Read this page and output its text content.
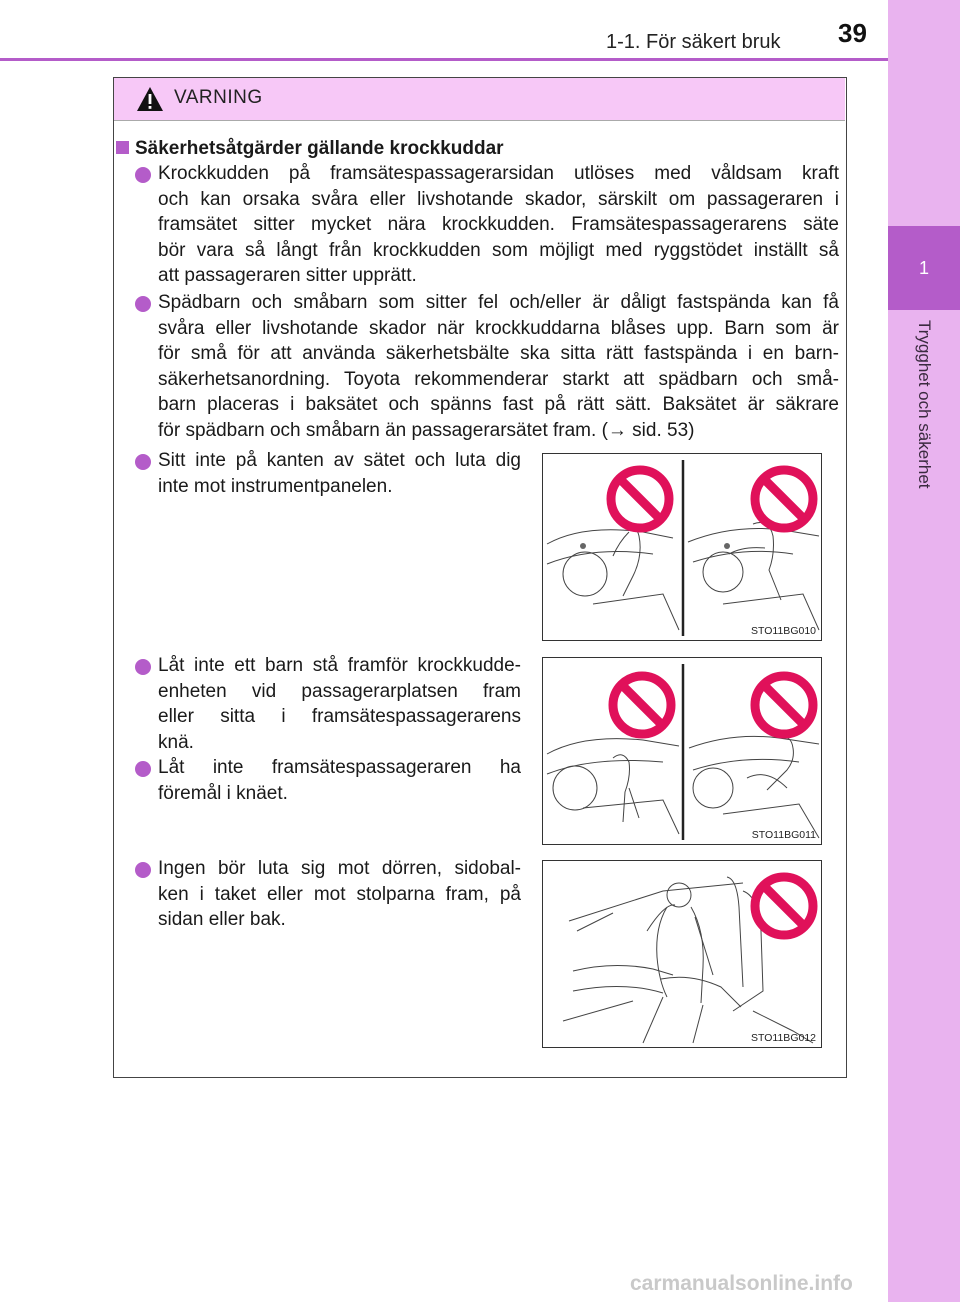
1-1. För säkert bruk 39
1
Trygghet och säkerhet
VARNING
Säkerhetsåtgärder gällande krockkuddar
Krockkudden på framsätespassagerarsidan utlöses med våldsam kraft
och kan orsaka svåra eller livshotande skador, särskilt om passageraren i
framsätet sitter mycket nära krockkudden. Framsätespassagerarens säte
bör vara så långt från krockkudden som möjligt med ryggstödet inställt så
att passageraren sitter upprätt.
Spädbarn och småbarn som sitter fel och/eller är dåligt fastspända kan få
svåra eller livshotande skador när krockkuddarna blåses upp. Barn som är
för små för att använda säkerhetsbälte ska sitta rätt fastspända i en barn-
säkerhetsanordning. Toyota rekommenderar starkt att spädbarn och små-
barn placeras i baksätet och spänns fast på rätt sätt. Baksätet är säkrare
för spädbarn och småbarn än passagerarsätet fram. (→ sid. 53)
Sitt inte på kanten av sätet och luta dig
inte mot instrumentpanelen.
Låt inte ett barn stå framför krockkudde-
enheten vid passagerarplatsen fram
eller sitta i framsätespassagerarens
knä.
Låt inte framsätespassageraren ha
föremål i knäet.
Ingen bör luta sig mot dörren, sidobal-
ken i taket eller mot stolparna fram, på
sidan eller bak.
STO11BG010
STO11BG011
STO11BG012
carmanualsonline.info
